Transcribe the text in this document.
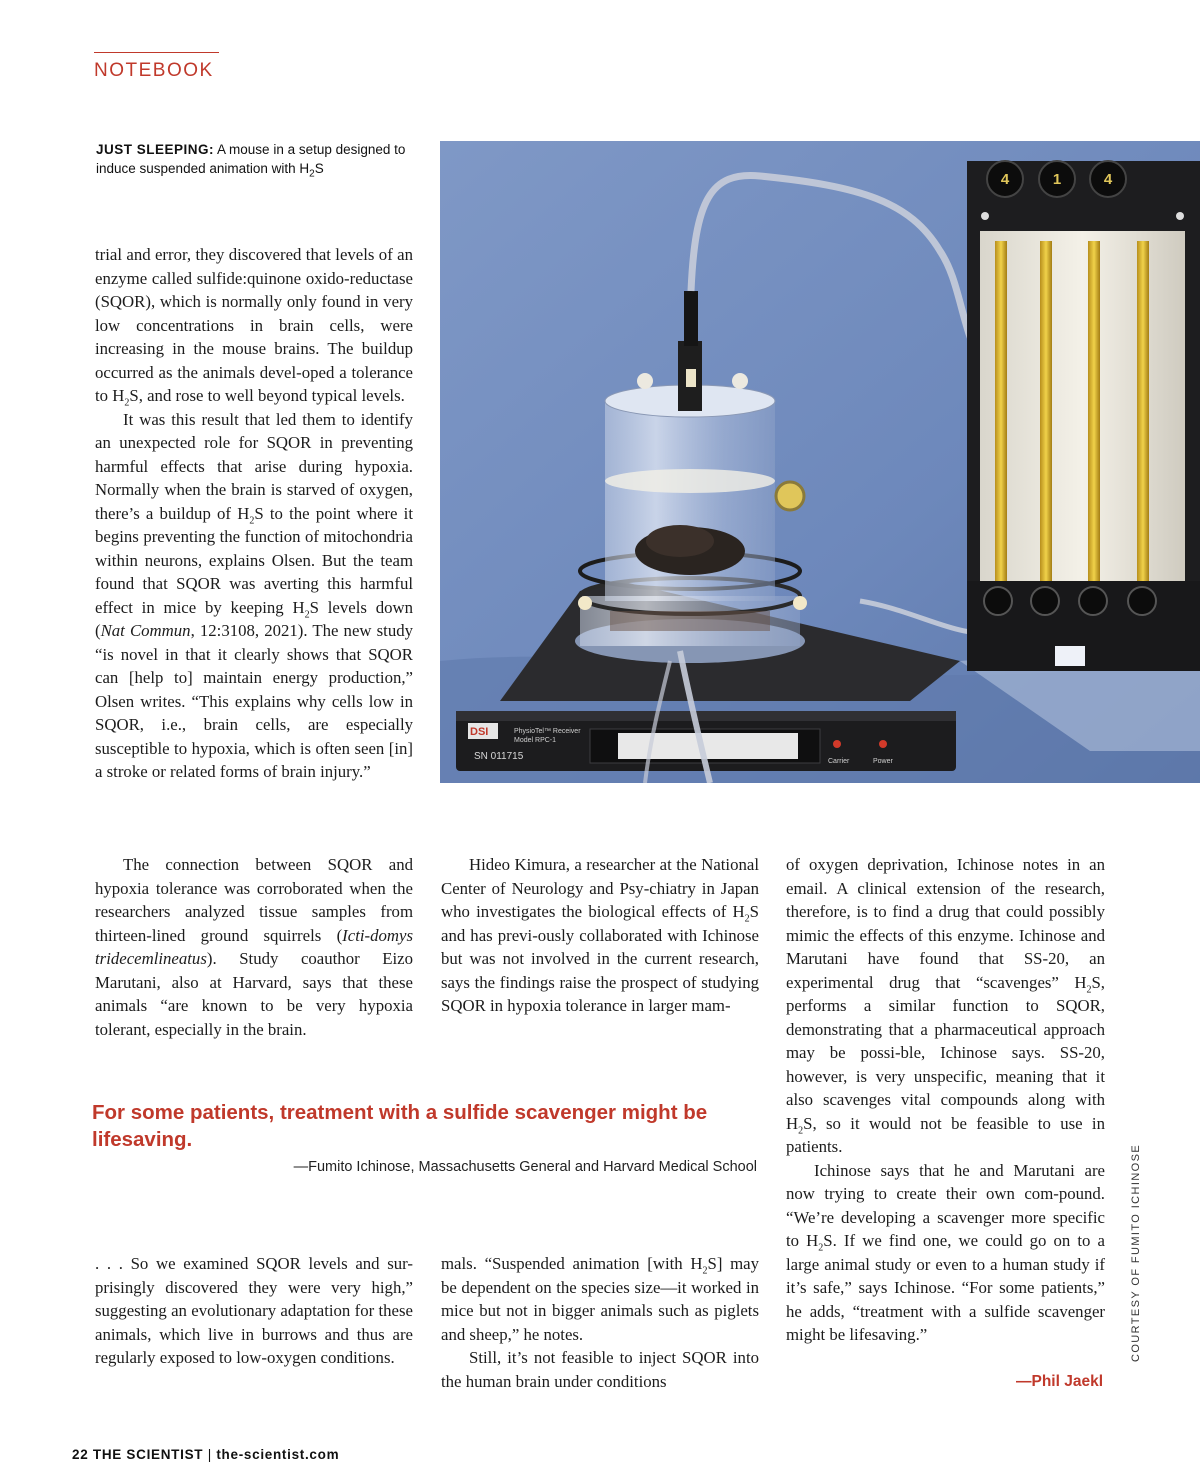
NOTEBOOK
JUST SLEEPING: A mouse in a setup designed to induce suspended animation with $H_2S$
DSI	PhysioTel™ Receiver
Model RPC-1
SN 011715	Carrier	Power
4	1	4

trial and error, they discovered that levels of an enzyme called sulfide:quinone oxido-reductase (SQOR), which is normally only found in very low concentrations in brain cells, were increasing in the mouse brains. The buildup occurred as the animals devel-oped a tolerance to $H_2S$, and rose to well beyond typical levels.

It was this result that led them to identify an unexpected role for SQOR in preventing harmful effects that arise during hypoxia. Normally when the brain is starved of oxygen, there’s a buildup of $H_2S$ to the point where it begins preventing the function of mitochondria within neurons, explains Olsen. But the team found that SQOR was averting this harmful effect in mice by keeping $H_2S$ levels down (Nat Commun, 12:3108, 2021). The new study “is novel in that it clearly shows that SQOR can [help to] maintain energy production,” Olsen writes. “This explains why cells low in SQOR, i.e., brain cells, are especially susceptible to hypoxia, which is often seen [in] a stroke or related forms of brain injury.”

The connection between SQOR and hypoxia tolerance was corroborated when the researchers analyzed tissue samples from thirteen-lined ground squirrels (Icti-domys tridecemlineatus). Study coauthor Eizo Marutani, also at Harvard, says that these animals “are known to be very hypoxia tolerant, especially in the brain.

Hideo Kimura, a researcher at the National Center of Neurology and Psy-chiatry in Japan who investigates the biological effects of $H_2S$ and has previ-ously collaborated with Ichinose but was not involved in the current research, says the findings raise the prospect of studying SQOR in hypoxia tolerance in larger mam-

of oxygen deprivation, Ichinose notes in an email. A clinical extension of the research, therefore, is to find a drug that could possibly mimic the effects of this enzyme. Ichinose and Marutani have found that SS-20, an experimental drug that “scavenges” $H_2S$, performs a similar function to SQOR, demonstrating that a pharmaceutical approach may be possi-ble, Ichinose says. SS-20, however, is very unspecific, meaning that it also scavenges vital compounds along with $H_2S$, so it would not be feasible to use in patients.

Ichinose says that he and Marutani are now trying to create their own com-pound. “We’re developing a scavenger more specific to $H_2S$. If we find one, we could go on to a large animal study or even to a human study if it’s safe,” says Ichinose. “For some patients,” he adds, “treatment with a sulfide scavenger might be lifesaving.”

For some patients, treatment with a sulfide scavenger might be lifesaving.
—Fumito Ichinose, Massachusetts General and Harvard Medical School

. . . So we examined SQOR levels and sur-prisingly discovered they were very high,” suggesting an evolutionary adaptation for these animals, which live in burrows and thus are regularly exposed to low-oxygen conditions.

mals. “Suspended animation [with $H_2S$] may be dependent on the species size—it worked in mice but not in bigger animals such as piglets and sheep,” he notes.

Still, it’s not feasible to inject SQOR into the human brain under conditions	—Phil Jaekl
COURTESY OF FUMITO ICHINOSE
22 THE SCIENTIST | the-scientist.com
